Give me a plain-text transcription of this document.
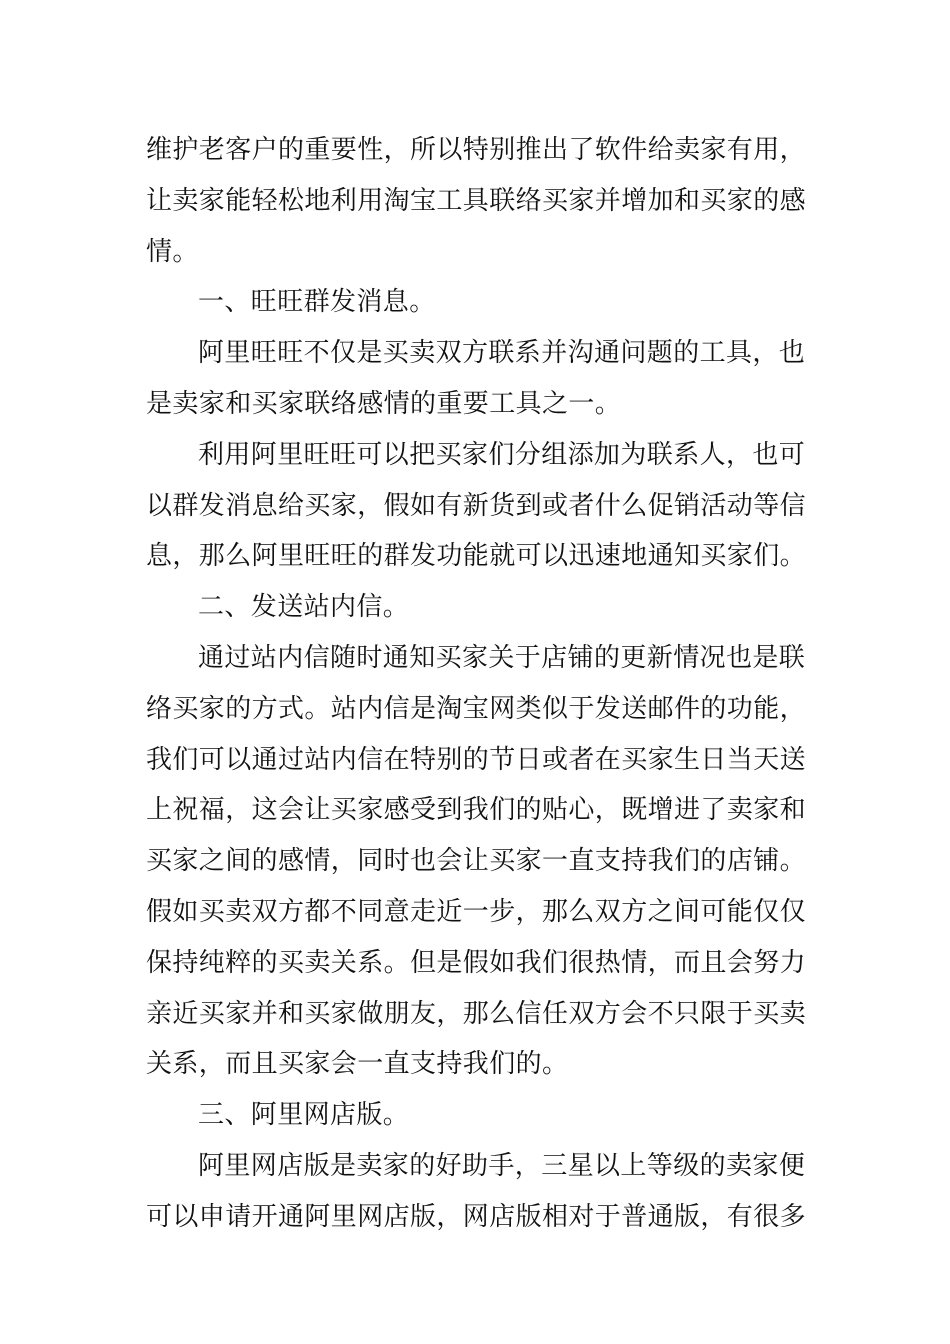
维护老客户的重要性，所以特别推出了软件给卖家有用，
让卖家能轻松地利用淘宝工具联络买家并增加和买家的感
情。
一、旺旺群发消息。
阿里旺旺不仅是买卖双方联系并沟通问题的工具，也
是卖家和买家联络感情的重要工具之一。
利用阿里旺旺可以把买家们分组添加为联系人，也可
以群发消息给买家，假如有新货到或者什么促销活动等信
息，那么阿里旺旺的群发功能就可以迅速地通知买家们。
二、发送站内信。
通过站内信随时通知买家关于店铺的更新情况也是联
络买家的方式。站内信是淘宝网类似于发送邮件的功能，
我们可以通过站内信在特别的节日或者在买家生日当天送
上祝福，这会让买家感受到我们的贴心，既增进了卖家和
买家之间的感情，同时也会让买家一直支持我们的店铺。
假如买卖双方都不同意走近一步，那么双方之间可能仅仅
保持纯粹的买卖关系。但是假如我们很热情，而且会努力
亲近买家并和买家做朋友，那么信任双方会不只限于买卖
关系，而且买家会一直支持我们的。
三、阿里网店版。
阿里网店版是卖家的好助手，三星以上等级的卖家便
可以申请开通阿里网店版，网店版相对于普通版，有很多
